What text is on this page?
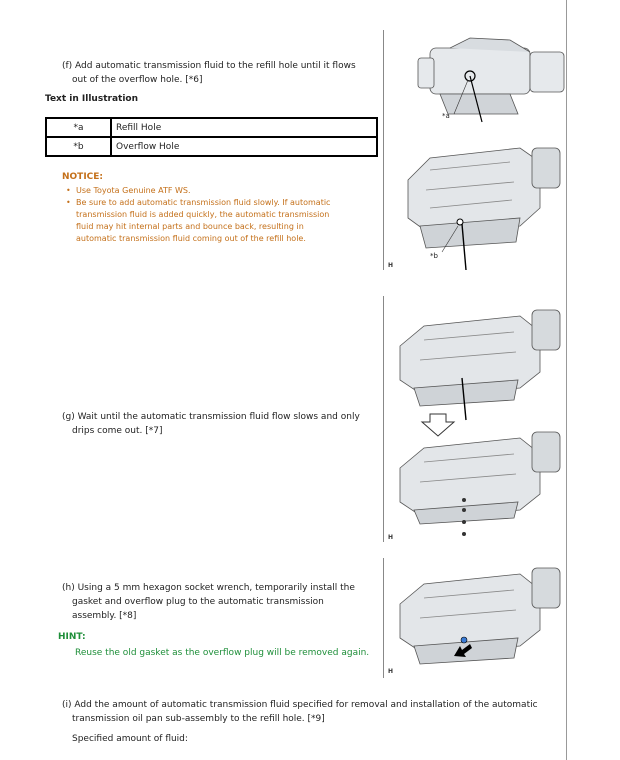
(f) Add automatic transmission fluid to the refill hole until it flows
out of the overflow hole. [*6]
Text in Illustration
*a	Refill Hole
*b	Overflow Hole
NOTICE:
• Use Toyota Genuine ATF WS.
• Be sure to add automatic transmission fluid slowly. If automatic
transmission fluid is added quickly, the automatic transmission
fluid may hit internal parts and bounce back, resulting in
automatic transmission fluid coming out of the refill hole.
*a
*b
H
(g) Wait until the automatic transmission fluid flow slows and only
drips come out. [*7]
H
(h) Using a 5 mm hexagon socket wrench, temporarily install the
gasket and overflow plug to the automatic transmission
assembly. [*8]
HINT:
Reuse the old gasket as the overflow plug will be removed again.
H
(i) Add the amount of automatic transmission fluid specified for removal and installation of the automatic
transmission oil pan sub-assembly to the refill hole. [*9]
Specified amount of fluid:
